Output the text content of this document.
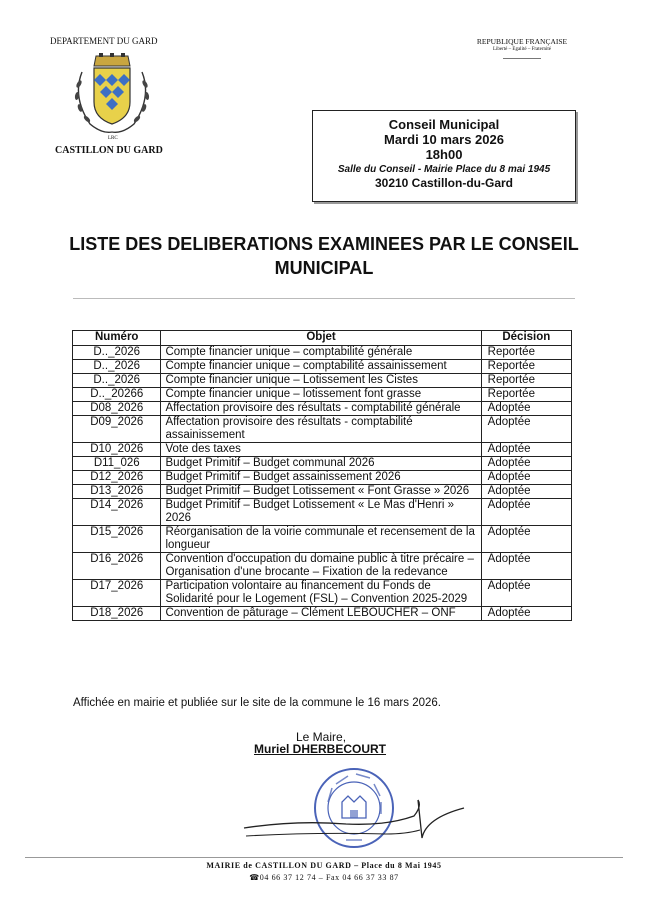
DEPARTEMENT DU GARD
LRC
CASTILLON DU GARD
REPUBLIQUE FRANÇAISE
Liberté – Egalité – Fraternité
Conseil Municipal
Mardi 10 mars 2026
18h00
Salle du Conseil - Mairie Place du 8 mai 1945
30210 Castillon-du-Gard
LISTE DES DELIBERATIONS EXAMINEES PAR LE CONSEIL MUNICIPAL
Numéro	Objet	Décision
D.._2026	Compte financier unique – comptabilité générale	Reportée
D.._2026	Compte financier unique – comptabilité assainissement	Reportée
D.._2026	Compte financier unique – Lotissement les Cistes	Reportée
D.._20266	Compte financier unique – lotissement font grasse	Reportée
D08_2026	Affectation provisoire des résultats - comptabilité générale	Adoptée
D09_2026	Affectation provisoire des résultats - comptabilité assainissement	Adoptée
D10_2026	Vote des taxes	Adoptée
D11_026	Budget Primitif – Budget communal 2026	Adoptée
D12_2026	Budget Primitif – Budget assainissement 2026	Adoptée
D13_2026	Budget Primitif – Budget Lotissement « Font Grasse » 2026	Adoptée
D14_2026	Budget Primitif – Budget Lotissement « Le Mas d'Henri » 2026	Adoptée
D15_2026	Réorganisation de la voirie communale et recensement de la longueur	Adoptée
D16_2026	Convention d'occupation du domaine public à titre précaire – Organisation d'une brocante – Fixation de la redevance	Adoptée
D17_2026	Participation volontaire au financement du Fonds de Solidarité pour le Logement (FSL) – Convention 2025-2029	Adoptée
D18_2026	Convention de pâturage – Clément LEBOUCHER – ONF	Adoptée
Affichée en mairie et publiée sur le site de la commune le 16 mars 2026.
Le Maire,
Muriel DHERBECOURT
MAIRIE de CASTILLON DU GARD – Place du 8 Mai 1945
☎04 66 37 12 74 – Fax 04 66 37 33 87
